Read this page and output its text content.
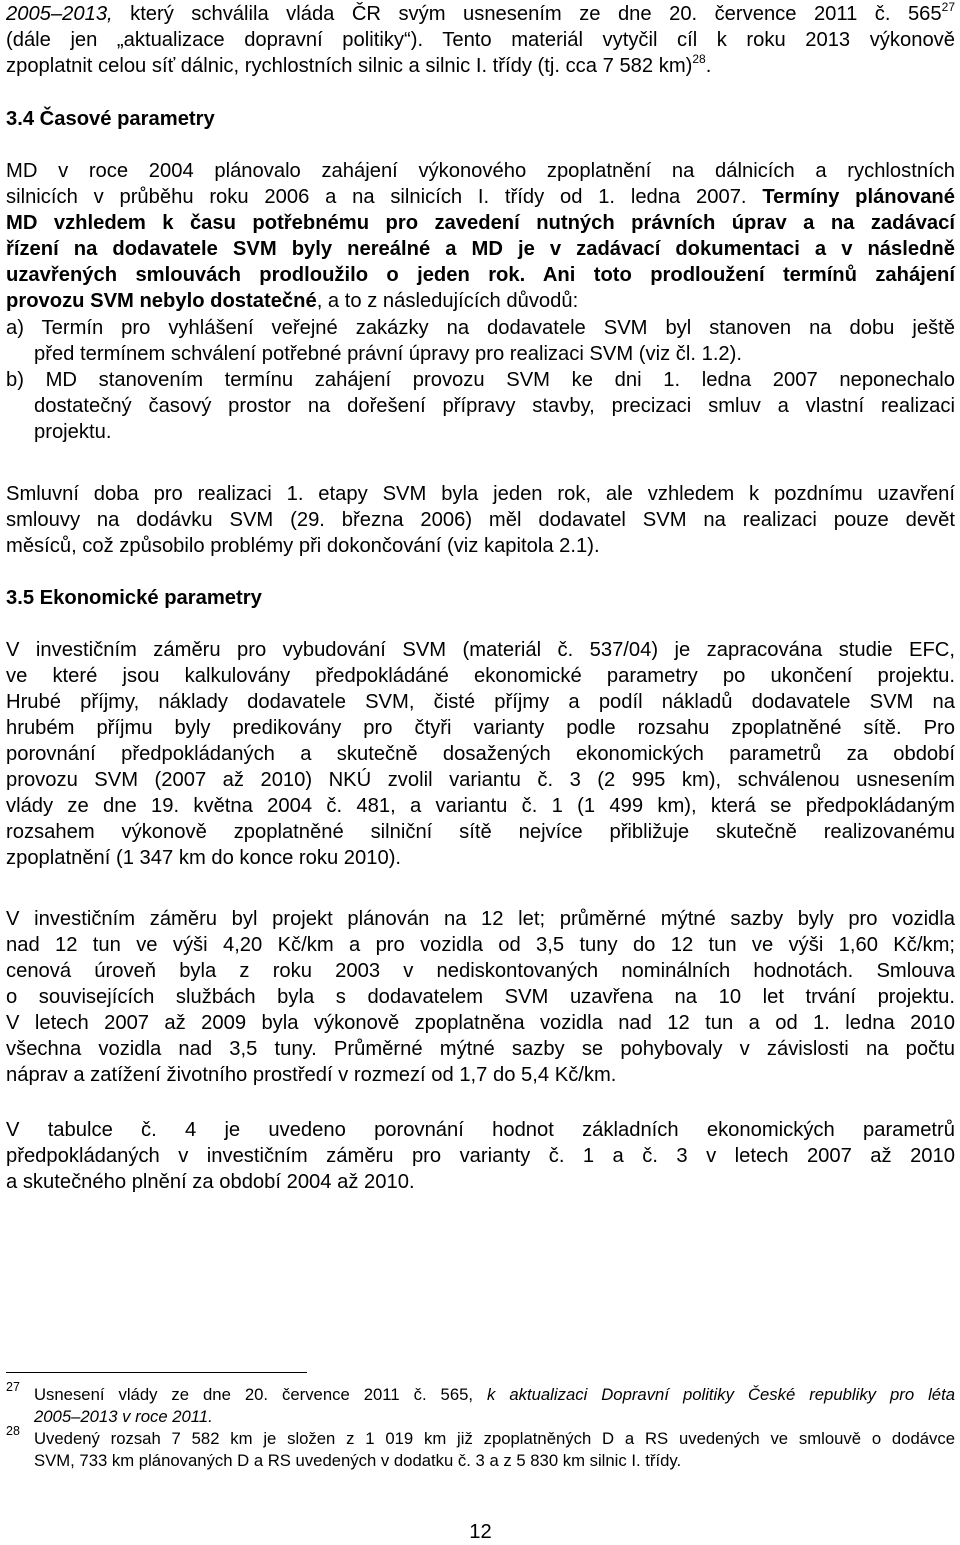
2005–2013, který schválila vláda ČR svým usnesením ze dne 20. července 2011 č. $565^{27}$
(dále jen „aktualizace dopravní politiky“). Tento materiál vytyčil cíl k roku 2013 výkonově
zpoplatnit celou síť dálnic, rychlostních silnic a silnic I. třídy (tj. cca 7 582 km)$^{28}$.
3.4 Časové parametry
MD v roce 2004 plánovalo zahájení výkonového zpoplatnění na dálnicích a rychlostních
silnicích v průběhu roku 2006 a na silnicích I. třídy od 1. ledna 2007. Termíny plánované
MD vzhledem k času potřebnému pro zavedení nutných právních úprav a na zadávací
řízení na dodavatele SVM byly nereálné a MD je v zadávací dokumentaci a v následně
uzavřených smlouvách prodloužilo o jeden rok. Ani toto prodloužení termínů zahájení
provozu SVM nebylo dostatečné, a to z následujících důvodů:
a) Termín pro vyhlášení veřejné zakázky na dodavatele SVM byl stanoven na dobu ještě
před termínem schválení potřebné právní úpravy pro realizaci SVM (viz čl. 1.2).
b) MD stanovením termínu zahájení provozu SVM ke dni 1. ledna 2007 neponechalo
dostatečný časový prostor na dořešení přípravy stavby, precizaci smluv a vlastní realizaci
projektu.
Smluvní doba pro realizaci 1. etapy SVM byla jeden rok, ale vzhledem k pozdnímu uzavření
smlouvy na dodávku SVM (29. března 2006) měl dodavatel SVM na realizaci pouze devět
měsíců, což způsobilo problémy při dokončování (viz kapitola 2.1).
3.5 Ekonomické parametry
V investičním záměru pro vybudování SVM (materiál č. 537/04) je zapracována studie EFC,
ve které jsou kalkulovány předpokládáné ekonomické parametry po ukončení projektu.
Hrubé příjmy, náklady dodavatele SVM, čisté příjmy a podíl nákladů dodavatele SVM na
hrubém příjmu byly predikovány pro čtyři varianty podle rozsahu zpoplatněné sítě. Pro
porovnání předpokládaných a skutečně dosažených ekonomických parametrů za období
provozu SVM (2007 až 2010) NKÚ zvolil variantu č. 3 (2 995 km), schválenou usnesením
vlády ze dne 19. května 2004 č. 481, a variantu č. 1 (1 499 km), která se předpokládaným
rozsahem výkonově zpoplatněné silniční sítě nejvíce přibližuje skutečně realizovanému
zpoplatnění (1 347 km do konce roku 2010).
V investičním záměru byl projekt plánován na 12 let; průměrné mýtné sazby byly pro vozidla
nad 12 tun ve výši 4,20 Kč/km a pro vozidla od 3,5 tuny do 12 tun ve výši 1,60 Kč/km;
cenová úroveň byla z roku 2003 v nediskontovaných nominálních hodnotách. Smlouva
o souvisejících službách byla s dodavatelem SVM uzavřena na 10 let trvání projektu.
V letech 2007 až 2009 byla výkonově zpoplatněna vozidla nad 12 tun a od 1. ledna 2010
všechna vozidla nad 3,5 tuny. Průměrné mýtné sazby se pohybovaly v závislosti na počtu
náprav a zatížení životního prostředí v rozmezí od 1,7 do 5,4 Kč/km.
V tabulce č. 4 je uvedeno porovnání hodnot základních ekonomických parametrů
předpokládaných v investičním záměru pro varianty č. 1 a č. 3 v letech 2007 až 2010
a skutečného plnění za období 2004 až 2010.
27 Usnesení vlády ze dne 20. července 2011 č. 565, k aktualizaci Dopravní politiky České republiky pro léta
2005–2013 v roce 2011.
28 Uvedený rozsah 7 582 km je složen z 1 019 km již zpoplatněných D a RS uvedených ve smlouvě o dodávce
SVM, 733 km plánovaných D a RS uvedených v dodatku č. 3 a z 5 830 km silnic I. třídy.
12
